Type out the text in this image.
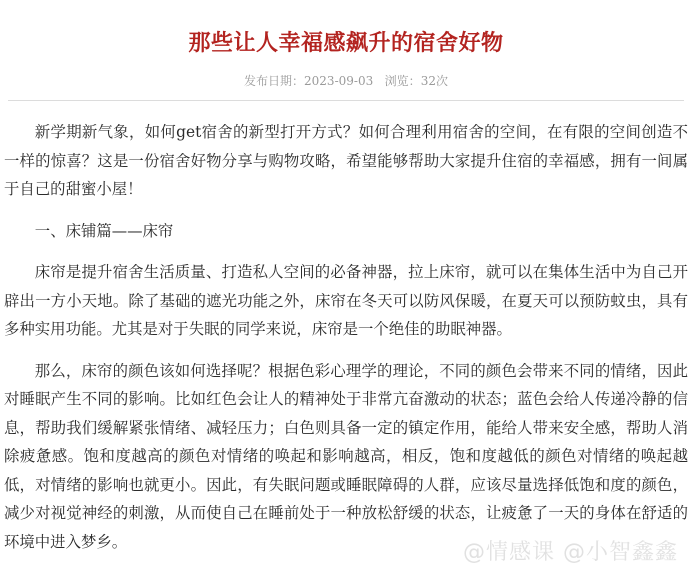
那些让人幸福感飙升的宿舍好物
发布日期：2023-09-03 浏览：32次

新学期新气象，如何get宿舍的新型打开方式？如何合理利用宿舍的空间，在有限的空间创造不一样的惊喜？这是一份宿舍好物分享与购物攻略，希望能够帮助大家提升住宿的幸福感，拥有一间属于自己的甜蜜小屋！

一、床铺篇——床帘

床帘是提升宿舍生活质量、打造私人空间的必备神器，拉上床帘，就可以在集体生活中为自己开辟出一方小天地。除了基础的遮光功能之外，床帘在冬天可以防风保暖，在夏天可以预防蚊虫，具有多种实用功能。尤其是对于失眠的同学来说，床帘是一个绝佳的助眠神器。

那么，床帘的颜色该如何选择呢？根据色彩心理学的理论，不同的颜色会带来不同的情绪，因此对睡眠产生不同的影响。比如红色会让人的精神处于非常亢奋激动的状态；蓝色会给人传递冷静的信息，帮助我们缓解紧张情绪、减轻压力；白色则具备一定的镇定作用，能给人带来安全感，帮助人消除疲惫感。饱和度越高的颜色对情绪的唤起和影响越高，相反，饱和度越低的颜色对情绪的唤起越低，对情绪的影响也就更小。因此，有失眠问题或睡眠障碍的人群，应该尽量选择低饱和度的颜色，减少对视觉神经的刺激，从而使自己在睡前处于一种放松舒缓的状态，让疲惫了一天的身体在舒适的环境中进入梦乡。	@情感课 @小智鑫鑫
